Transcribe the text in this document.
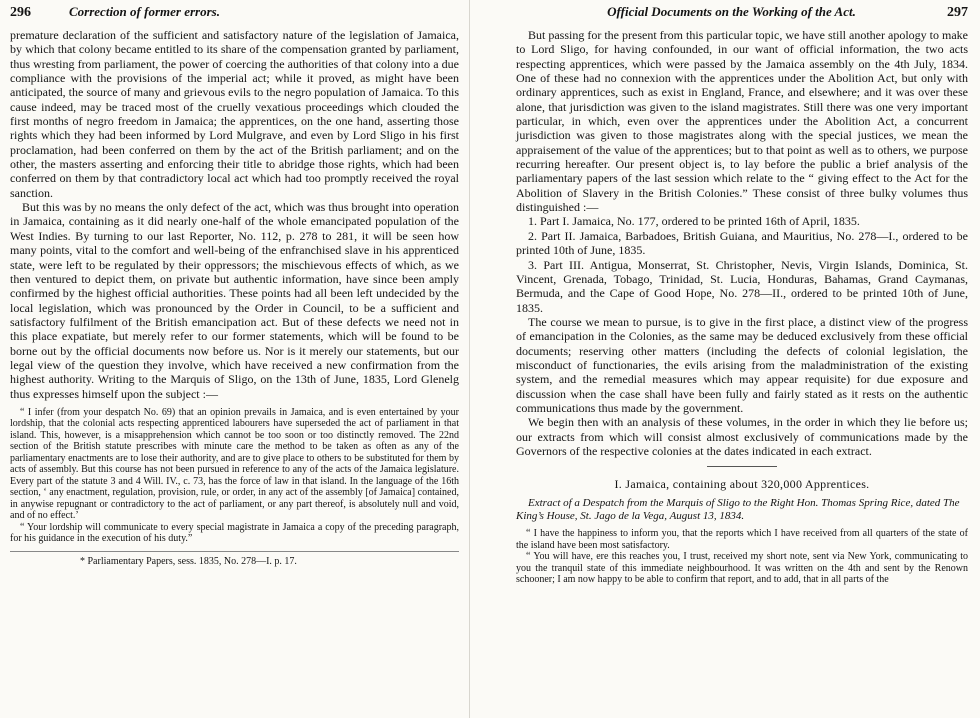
296	Correction of former errors.

premature declaration of the sufficient and satisfactory nature of the legislation of Jamaica, by which that colony became entitled to its share of the compensation granted by parliament, thus wresting from parliament, the power of coercing the authorities of that colony into a due compliance with the provisions of the imperial act; while it proved, as might have been anticipated, the source of many and grievous evils to the negro population of Jamaica. To this cause indeed, may be traced most of the cruelly vexatious proceedings which clouded the first months of negro freedom in Jamaica; the apprentices, on the one hand, asserting those rights which they had been informed by Lord Mulgrave, and even by Lord Sligo in his first proclamation, had been conferred on them by the act of the British parliament; and on the other, the masters asserting and enforcing their title to abridge those rights, which had been conferred on them by that contradictory local act which had too promptly received the royal sanction.

But this was by no means the only defect of the act, which was thus brought into operation in Jamaica, containing as it did nearly one-half of the whole emancipated population of the West Indies. By turning to our last Reporter, No. 112, p. 278 to 281, it will be seen how many points, vital to the comfort and well-being of the enfranchised slave in his apprenticed state, were left to be regulated by their oppressors; the mischievous effects of which, as we then ventured to depict them, on private but authentic information, have since been amply confirmed by the highest official authorities. These points had all been left undecided by the local legislation, which was pronounced by the Order in Council, to be a sufficient and satisfactory fulfilment of the British emancipation act. But of these defects we need not in this place expatiate, but merely refer to our former statements, which will be found to be borne out by the official documents now before us. Nor is it merely our statements, but our legal view of the question they involve, which have received a new confirmation from the highest authority. Writing to the Marquis of Sligo, on the 13th of June, 1835, Lord Glenelg thus expresses himself upon the subject :—

“ I infer (from your despatch No. 69) that an opinion prevails in Jamaica, and is even entertained by your lordship, that the colonial acts respecting apprenticed labourers have superseded the act of parliament in that island. This, however, is a misapprehension which cannot be too soon or too distinctly removed. The 22nd section of the British statute prescribes with minute care the method to be taken as often as any of the parliamentary enactments are to lose their authority, and are to give place to others to be substituted for them by acts of assembly. But this course has not been pursued in reference to any of the acts of the Jamaica legislature. Every part of the statute 3 and 4 Will. IV., c. 73, has the force of law in that island. In the language of the 16th section, ‘ any enactment, regulation, provision, rule, or order, in any act of the assembly [of Jamaica] contained, in anywise repugnant or contradictory to the act of parliament, or any part thereof, is absolutely null and void, and of no effect.’

“ Your lordship will communicate to every special magistrate in Jamaica a copy of the preceding paragraph, for his guidance in the execution of his duty.”

* Parliamentary Papers, sess. 1835, No. 278—I. p. 17.

Official Documents on the Working of the Act.	297

But passing for the present from this particular topic, we have still another apology to make to Lord Sligo, for having confounded, in our want of official information, the two acts respecting apprentices, which were passed by the Jamaica assembly on the 4th July, 1834. One of these had no connexion with the apprentices under the Abolition Act, but only with ordinary apprentices, such as exist in England, France, and elsewhere; and it was over these alone, that jurisdiction was given to the island magistrates. Still there was one very important particular, in which, even over the apprentices under the Abolition Act, a concurrent jurisdiction was given to those magistrates along with the special justices, we mean the appraisement of the value of the apprentices; but to that point as well as to others, we purpose recurring hereafter. Our present object is, to lay before the public a brief analysis of the parliamentary papers of the last session which relate to the “ giving effect to the Act for the Abolition of Slavery in the British Colonies.” These consist of three bulky volumes thus distinguished :—

1. Part I. Jamaica, No. 177, ordered to be printed 16th of April, 1835.

2. Part II. Jamaica, Barbadoes, British Guiana, and Mauritius, No. 278—I., ordered to be printed 10th of June, 1835.

3. Part III. Antigua, Monserrat, St. Christopher, Nevis, Virgin Islands, Dominica, St. Vincent, Grenada, Tobago, Trinidad, St. Lucia, Honduras, Bahamas, Grand Caymanas, Bermuda, and the Cape of Good Hope, No. 278—II., ordered to be printed 10th of June, 1835.

The course we mean to pursue, is to give in the first place, a distinct view of the progress of emancipation in the Colonies, as the same may be deduced exclusively from these official documents; reserving other matters (including the defects of colonial legislation, the misconduct of functionaries, the evils arising from the maladministration of the existing system, and the remedial measures which may appear requisite) for due exposure and discussion when the case shall have been fully and fairly stated as it rests on the authentic communications thus made by the government.

We begin then with an analysis of these volumes, in the order in which they lie before us; our extracts from which will consist almost exclusively of communications made by the Governors of the respective colonies at the dates indicated in each extract.

I. Jamaica, containing about 320,000 Apprentices.

Extract of a Despatch from the Marquis of Sligo to the Right Hon. Thomas Spring Rice, dated The King’s House, St. Jago de la Vega, August 13, 1834.

“ I have the happiness to inform you, that the reports which I have received from all quarters of the state of the island have been most satisfactory.

“ You will have, ere this reaches you, I trust, received my short note, sent via New York, communicating to you the tranquil state of this immediate neighbourhood. It was written on the 4th and sent by the Renown schooner; I am now happy to be able to confirm that report, and to add, that in all parts of the
